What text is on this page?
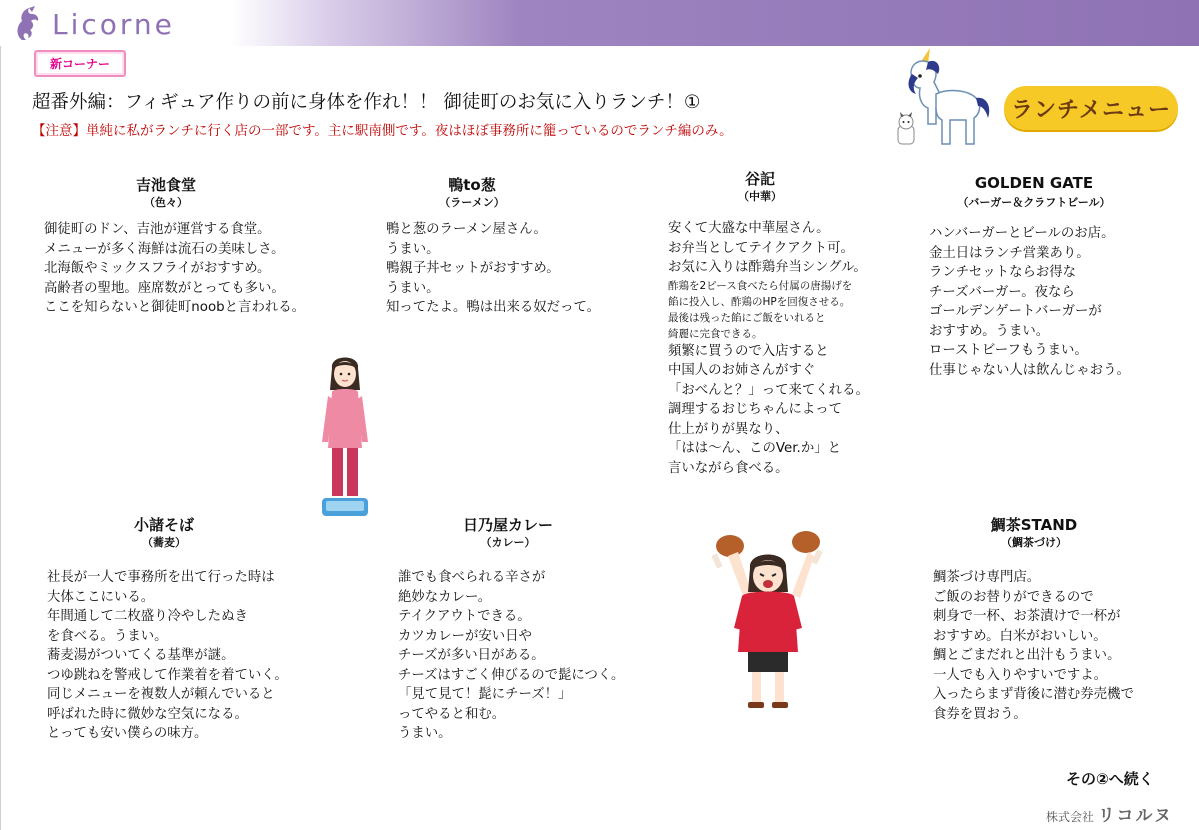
Licorne
新コーナー
超番外編：フィギュア作りの前に身体を作れ！！ 御徒町のお気に入りランチ！①
【注意】単純に私がランチに行く店の一部です。主に駅南側です。夜はほぼ事務所に籠っているのでランチ編のみ。
ランチメニュー
吉池食堂
（色々）
御徒町のドン、吉池が運営する食堂。
メニューが多く海鮮は流石の美味しさ。
北海飯やミックスフライがおすすめ。
高齢者の聖地。座席数がとっても多い。
ここを知らないと御徒町noobと言われる。
鴨to葱
（ラーメン）
鴨と葱のラーメン屋さん。
うまい。
鴨親子丼セットがおすすめ。
うまい。
知ってたよ。鴨は出来る奴だって。
谷記
（中華）
安くて大盛な中華屋さん。
お弁当としてテイクアクト可。
お気に入りは酢鶏弁当シングル。
酢鶏を2ピース食べたら付属の唐揚げを
餡に投入し、酢鶏のHPを回復させる。
最後は残った餡にご飯をいれると
綺麗に完食できる。
頻繁に買うので入店すると
中国人のお姉さんがすぐ
「おべんと？」って来てくれる。
調理するおじちゃんによって
仕上がりが異なり、
「はは〜ん、このVer.か」と
言いながら食べる。
GOLDEN GATE
（バーガー＆クラフトビール）
ハンバーガーとビールのお店。
金土日はランチ営業あり。
ランチセットならお得な
チーズバーガー。夜なら
ゴールデンゲートバーガーが
おすすめ。うまい。
ローストビーフもうまい。
仕事じゃない人は飲んじゃおう。
小諸そば
（蕎麦）
社長が一人で事務所を出て行った時は
大体ここにいる。
年間通して二枚盛り冷やしたぬき
を食べる。うまい。
蕎麦湯がついてくる基準が謎。
つゆ跳ねを警戒して作業着を着ていく。
同じメニューを複数人が頼んでいると
呼ばれた時に微妙な空気になる。
とっても安い僕らの味方。
日乃屋カレー
（カレー）
誰でも食べられる辛さが
絶妙なカレー。
テイクアウトできる。
カツカレーが安い日や
チーズが多い日がある。
チーズはすごく伸びるので髭につく。
「見て見て！髭にチーズ！」
ってやると和む。
うまい。
鯛茶STAND
（鯛茶づけ）
鯛茶づけ専門店。
ご飯のお替りができるので
刺身で一杯、お茶漬けで一杯が
おすすめ。白米がおいしい。
鯛とごまだれと出汁もうまい。
一人でも入りやすいですよ。
入ったらまず背後に潜む券売機で
食券を買おう。
その②へ続く
株式会社 リコルヌ
